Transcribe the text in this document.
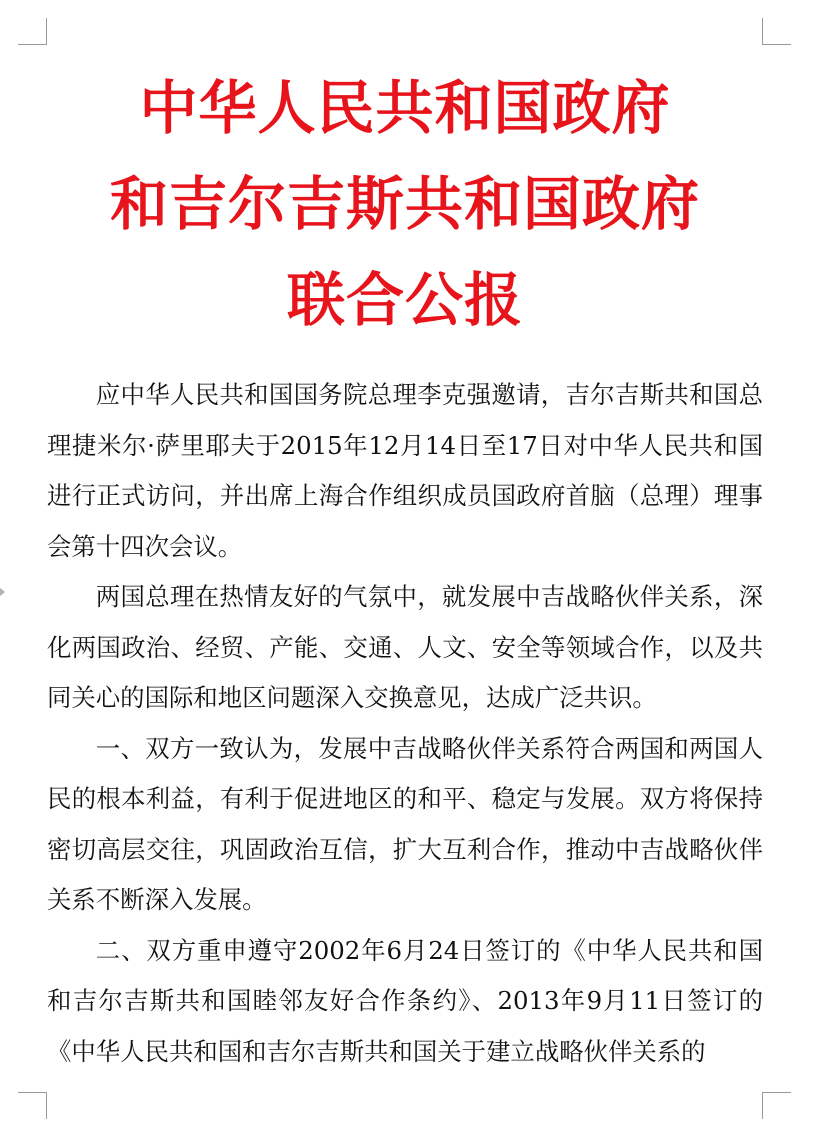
中华人民共和国政府
和吉尔吉斯共和国政府
联合公报

应中华人民共和国国务院总理李克强邀请，吉尔吉斯共和国总理捷米尔·萨里耶夫于2015年12月14日至17日对中华人民共和国进行正式访问，并出席上海合作组织成员国政府首脑（总理）理事会第十四次会议。

两国总理在热情友好的气氛中，就发展中吉战略伙伴关系，深化两国政治、经贸、产能、交通、人文、安全等领域合作，以及共同关心的国际和地区问题深入交换意见，达成广泛共识。

一、双方一致认为，发展中吉战略伙伴关系符合两国和两国人民的根本利益，有利于促进地区的和平、稳定与发展。双方将保持密切高层交往，巩固政治互信，扩大互利合作，推动中吉战略伙伴关系不断深入发展。

二、双方重申遵守2002年6月24日签订的《中华人民共和国和吉尔吉斯共和国睦邻友好合作条约》、2013年9月11日签订的《中华人民共和国和吉尔吉斯共和国关于建立战略伙伴关系的
